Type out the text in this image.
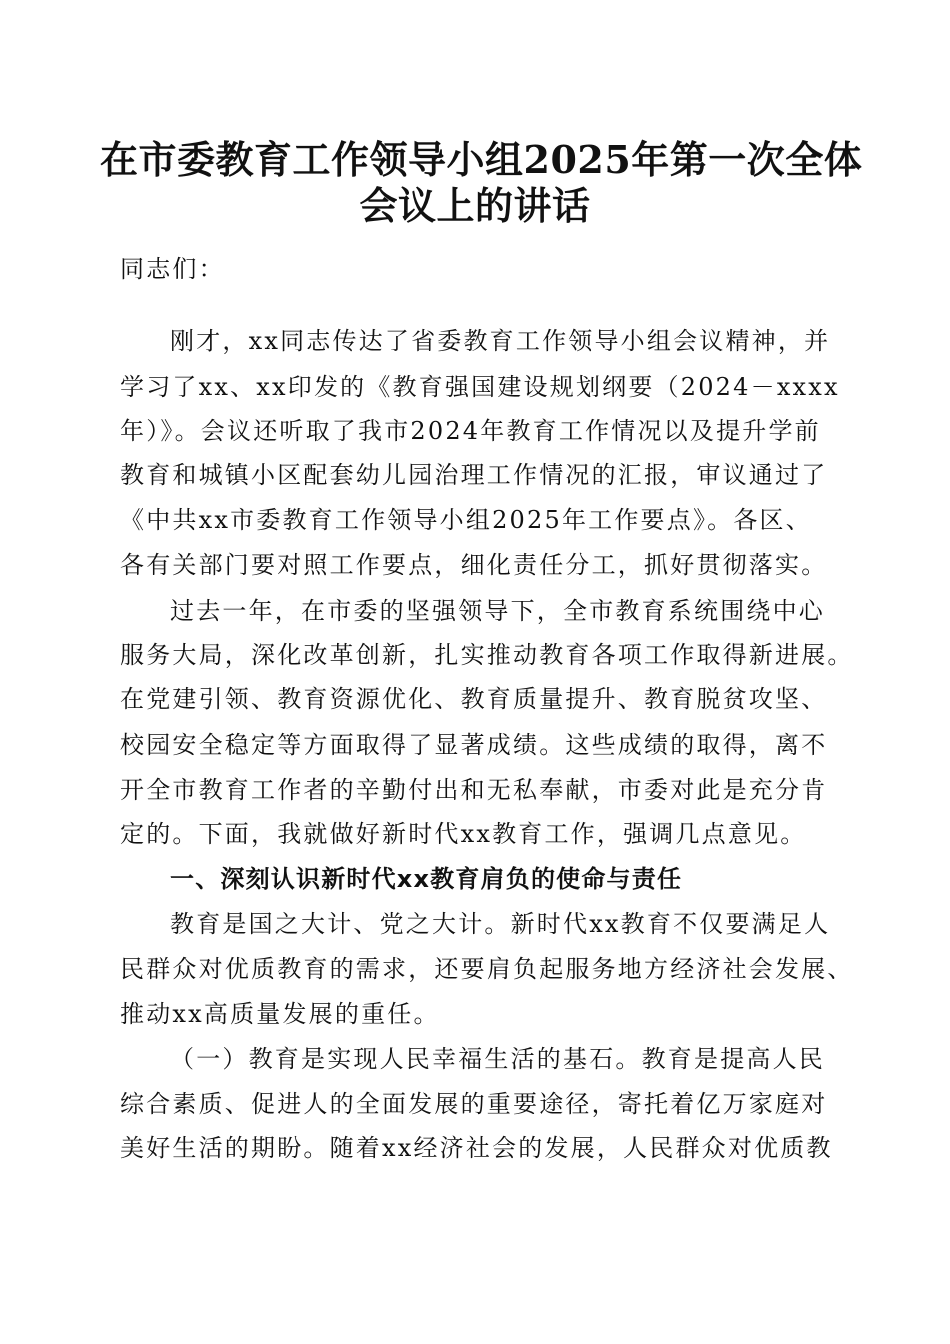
在市委教育工作领导小组2025年第一次全体
会议上的讲话

同志们：

刚才，xx同志传达了省委教育工作领导小组会议精神，并

学习了xx、xx印发的《教育强国建设规划纲要（2024－xxxx

年）》。会议还听取了我市2024年教育工作情况以及提升学前

教育和城镇小区配套幼儿园治理工作情况的汇报，审议通过了

《中共xx市委教育工作领导小组2025年工作要点》。各区、

各有关部门要对照工作要点，细化责任分工，抓好贯彻落实。

过去一年，在市委的坚强领导下，全市教育系统围绕中心

服务大局，深化改革创新，扎实推动教育各项工作取得新进展。

在党建引领、教育资源优化、教育质量提升、教育脱贫攻坚、

校园安全稳定等方面取得了显著成绩。这些成绩的取得，离不

开全市教育工作者的辛勤付出和无私奉献，市委对此是充分肯

定的。下面，我就做好新时代xx教育工作，强调几点意见。

一、深刻认识新时代xx教育肩负的使命与责任

教育是国之大计、党之大计。新时代xx教育不仅要满足人

民群众对优质教育的需求，还要肩负起服务地方经济社会发展、

推动xx高质量发展的重任。

（一）教育是实现人民幸福生活的基石。教育是提高人民

综合素质、促进人的全面发展的重要途径，寄托着亿万家庭对

美好生活的期盼。随着xx经济社会的发展，人民群众对优质教
